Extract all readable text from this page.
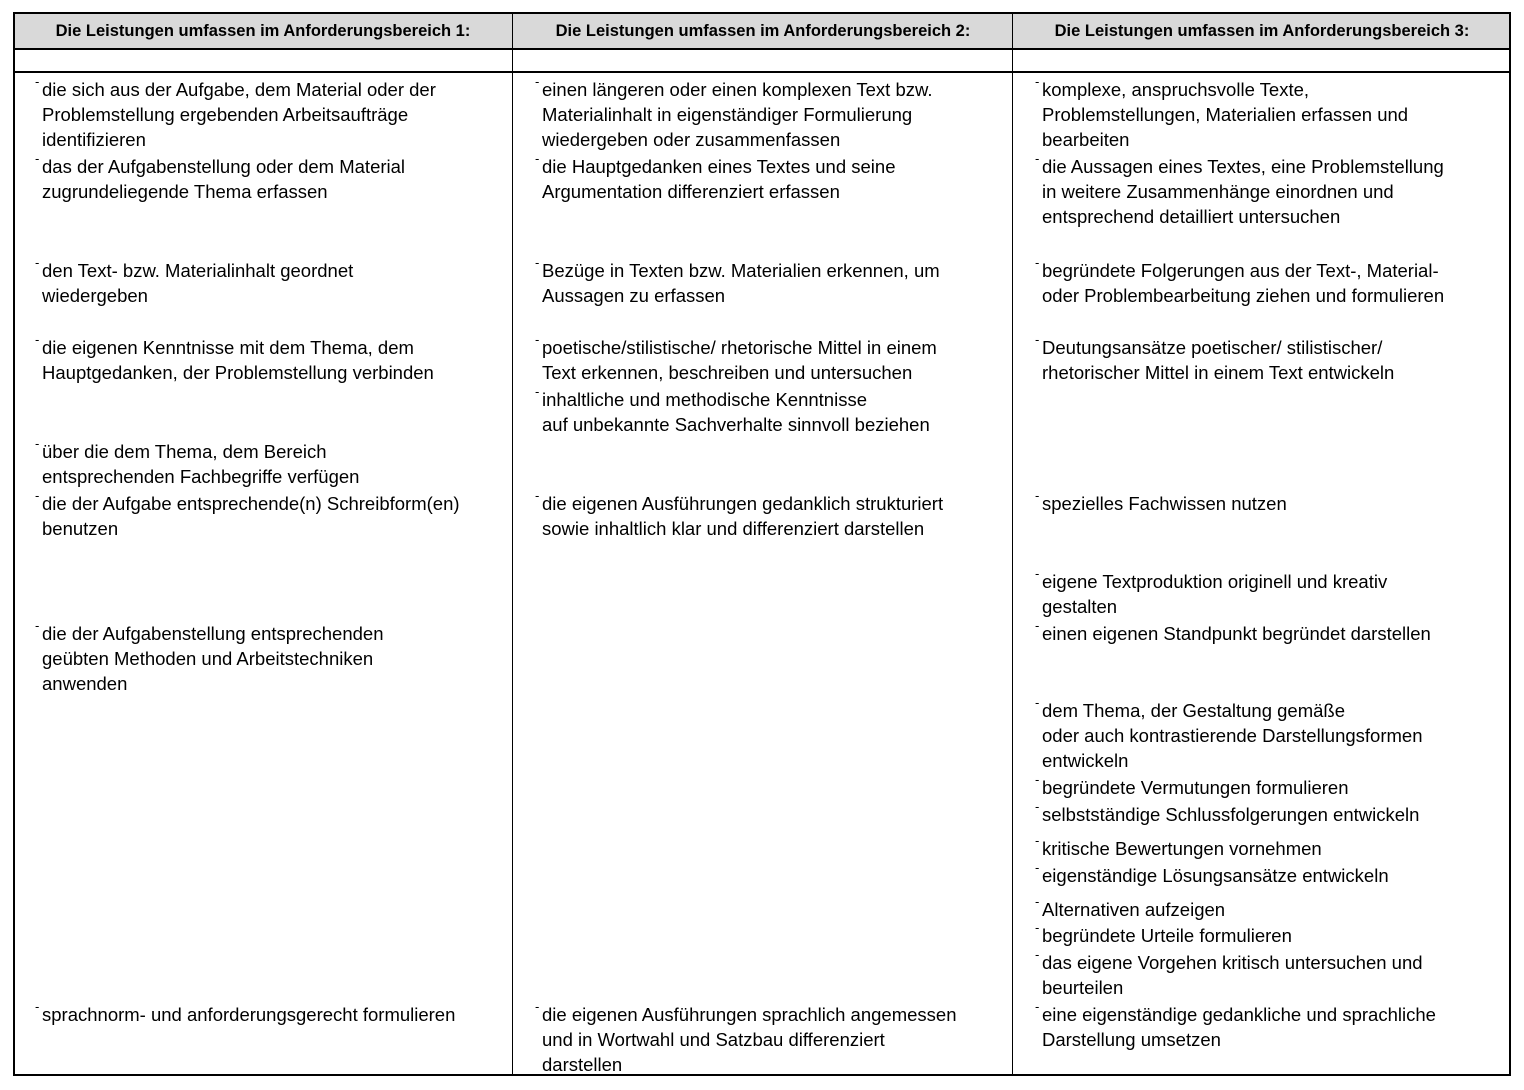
Die Leistungen umfassen im Anforderungsbereich 1:	Die Leistungen umfassen im Anforderungsbereich 2:	Die Leistungen umfassen im Anforderungsbereich 3:
- die sich aus der Aufgabe, dem Material oder der
Problemstellung ergebenden Arbeitsaufträge
identifizieren
- das der Aufgabenstellung oder dem Material
zugrundeliegende Thema erfassen
- den Text- bzw. Materialinhalt geordnet
wiedergeben
- die eigenen Kenntnisse mit dem Thema, dem
Hauptgedanken, der Problemstellung verbinden
- über die dem Thema, dem Bereich
entsprechenden Fachbegriffe verfügen
- die der Aufgabe entsprechende(n) Schreibform(en)
benutzen
- die der Aufgabenstellung entsprechenden
geübten Methoden und Arbeitstechniken
anwenden
- sprachnorm- und anforderungsgerecht formulieren
- einen längeren oder einen komplexen Text bzw.
Materialinhalt in eigenständiger Formulierung
wiedergeben oder zusammenfassen
- die Hauptgedanken eines Textes und seine
Argumentation differenziert erfassen
- Bezüge in Texten bzw. Materialien erkennen, um
Aussagen zu erfassen
- poetische/stilistische/ rhetorische Mittel in einem
Text erkennen, beschreiben und untersuchen
- inhaltliche und methodische Kenntnisse
auf unbekannte Sachverhalte sinnvoll beziehen
- die eigenen Ausführungen gedanklich strukturiert
sowie inhaltlich klar und differenziert darstellen
- die eigenen Ausführungen sprachlich angemessen
und in Wortwahl und Satzbau differenziert
darstellen
- komplexe, anspruchsvolle Texte,
Problemstellungen, Materialien erfassen und
bearbeiten
- die Aussagen eines Textes, eine Problemstellung
in weitere Zusammenhänge einordnen und
entsprechend detailliert untersuchen
- begründete Folgerungen aus der Text-, Material-
oder Problembearbeitung ziehen und formulieren
- Deutungsansätze poetischer/ stilistischer/
rhetorischer Mittel in einem Text entwickeln
- spezielles Fachwissen nutzen
- eigene Textproduktion originell und kreativ
gestalten
- einen eigenen Standpunkt begründet darstellen
- dem Thema, der Gestaltung gemäße
oder auch kontrastierende Darstellungsformen
entwickeln
- begründete Vermutungen formulieren
- selbstständige Schlussfolgerungen entwickeln
- kritische Bewertungen vornehmen
- eigenständige Lösungsansätze entwickeln
- Alternativen aufzeigen
- begründete Urteile formulieren
- das eigene Vorgehen kritisch untersuchen und
beurteilen
- eine eigenständige gedankliche und sprachliche
Darstellung umsetzen
